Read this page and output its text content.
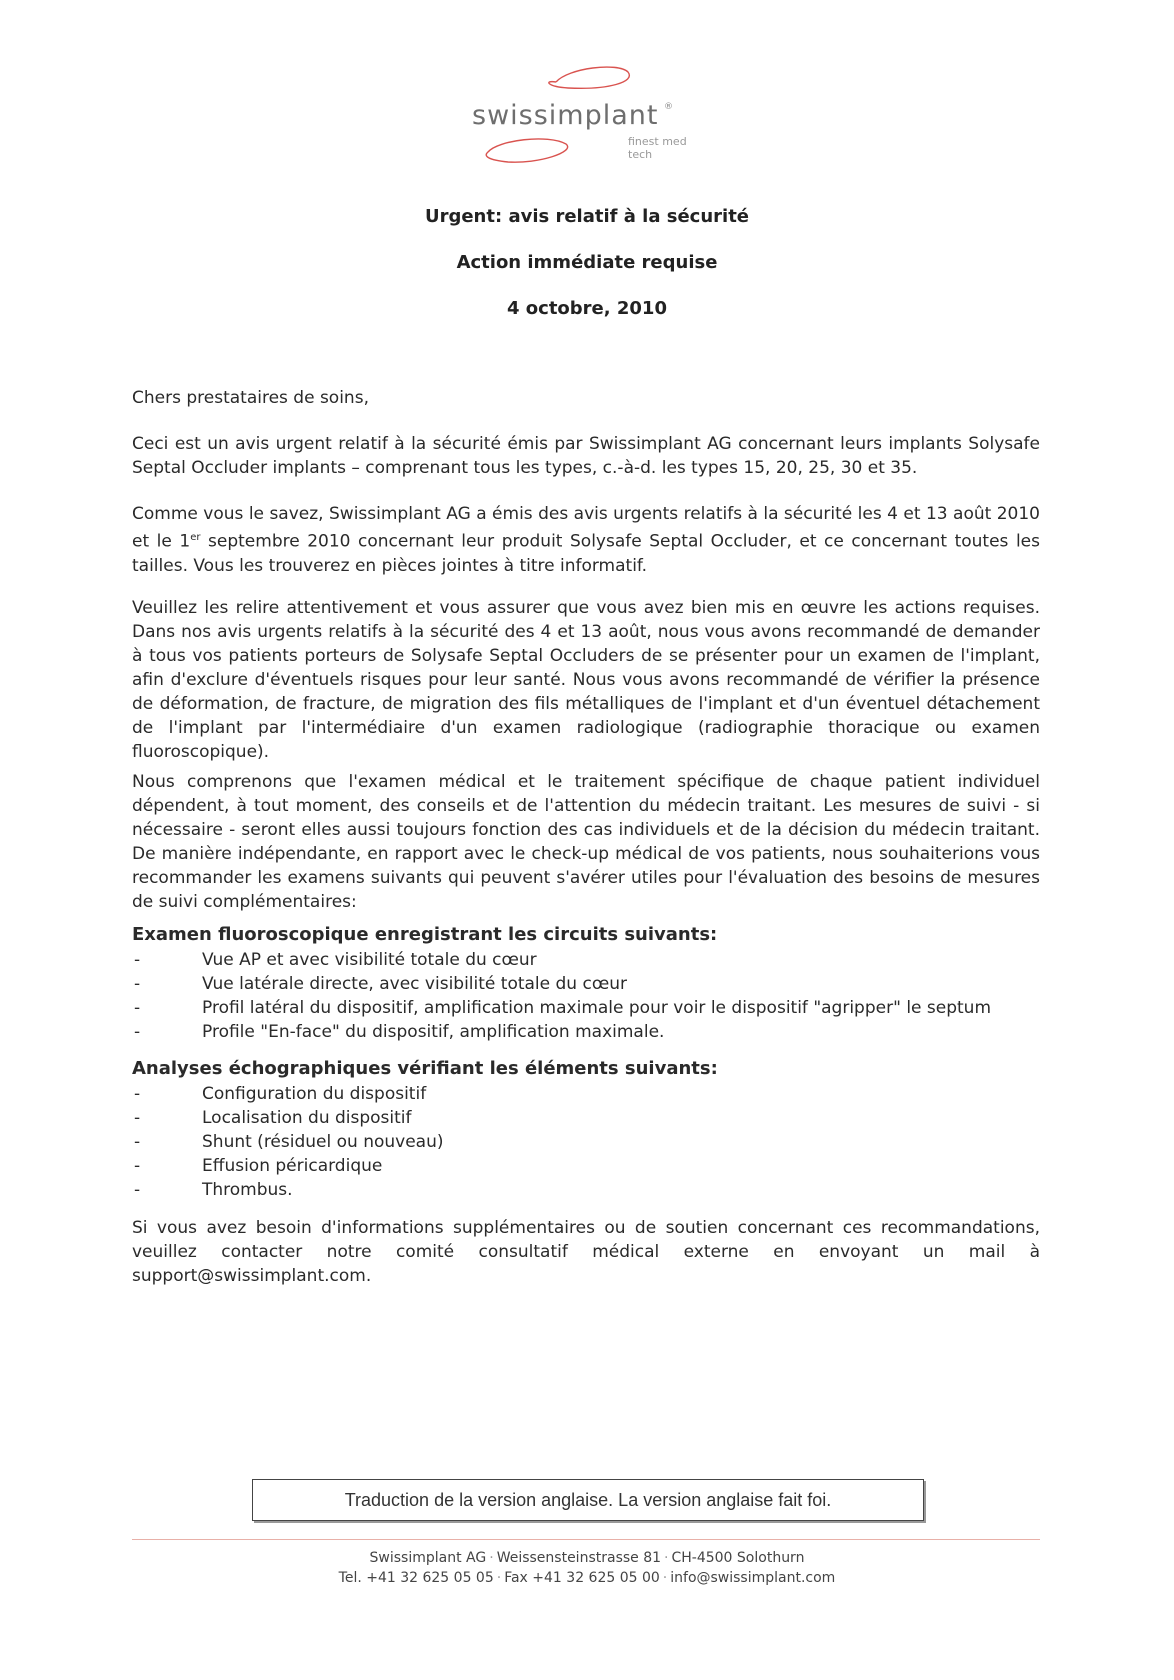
swissimplant ®
finest med tech
Urgent: avis relatif à la sécurité
Action immédiate requise
4 octobre, 2010
Chers prestataires de soins,
Ceci est un avis urgent relatif à la sécurité émis par Swissimplant AG concernant leurs implants Solysafe Septal Occluder implants – comprenant tous les types, c.-à-d. les types 15, 20, 25, 30 et 35.
Comme vous le savez, Swissimplant AG a émis des avis urgents relatifs à la sécurité les 4 et 13 août 2010 et le 1er septembre 2010 concernant leur produit Solysafe Septal Occluder, et ce concernant toutes les tailles. Vous les trouverez en pièces jointes à titre informatif.
Veuillez les relire attentivement et vous assurer que vous avez bien mis en œuvre les actions requises. Dans nos avis urgents relatifs à la sécurité des 4 et 13 août, nous vous avons recommandé de demander à tous vos patients porteurs de Solysafe Septal Occluders de se présenter pour un examen de l'implant, afin d'exclure d'éventuels risques pour leur santé. Nous vous avons recommandé de vérifier la présence de déformation, de fracture, de migration des fils métalliques de l'implant et d'un éventuel détachement de l'implant par l'intermédiaire d'un examen radiologique (radiographie thoracique ou examen fluoroscopique).
Nous comprenons que l'examen médical et le traitement spécifique de chaque patient individuel dépendent, à tout moment, des conseils et de l'attention du médecin traitant. Les mesures de suivi - si nécessaire - seront elles aussi toujours fonction des cas individuels et de la décision du médecin traitant. De manière indépendante, en rapport avec le check-up médical de vos patients, nous souhaiterions vous recommander les examens suivants qui peuvent s'avérer utiles pour l'évaluation des besoins de mesures de suivi complémentaires:
Examen fluoroscopique enregistrant les circuits suivants:
-	Vue AP et avec visibilité totale du cœur
-	Vue latérale directe, avec visibilité totale du cœur
-	Profil latéral du dispositif, amplification maximale pour voir le dispositif "agripper" le septum
-	Profile "En-face" du dispositif, amplification maximale.
Analyses échographiques vérifiant les éléments suivants:
-	Configuration du dispositif
-	Localisation du dispositif
-	Shunt (résiduel ou nouveau)
-	Effusion péricardique
-	Thrombus.
Si vous avez besoin d'informations supplémentaires ou de soutien concernant ces recommandations, veuillez contacter notre comité consultatif médical externe en envoyant un mail à support@swissimplant.com.
Traduction de la version anglaise. La version anglaise fait foi.
Swissimplant AG · Weissensteinstrasse 81 · CH-4500 Solothurn
Tel. +41 32 625 05 05 · Fax +41 32 625 05 00 · info@swissimplant.com
